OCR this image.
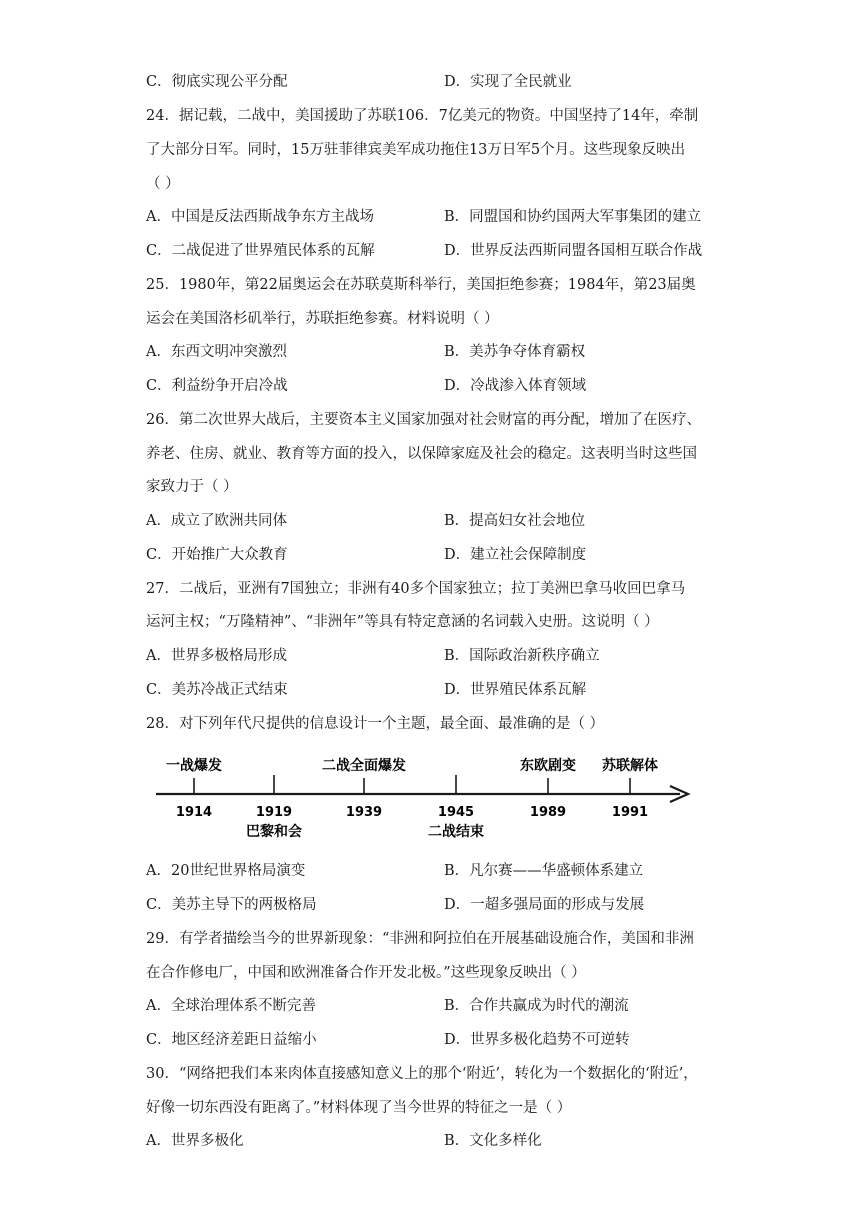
C．彻底实现公平分配	D．实现了全民就业
24．据记载，二战中，美国援助了苏联106．7亿美元的物资。中国坚持了14年，牵制
了大部分日军。同时，15万驻菲律宾美军成功拖住13万日军5个月。这些现象反映出
（ ）
A．中国是反法西斯战争东方主战场	B．同盟国和协约国两大军事集团的建立
C．二战促进了世界殖民体系的瓦解	D．世界反法西斯同盟各国相互联合作战
25．1980年，第22届奥运会在苏联莫斯科举行，美国拒绝参赛；1984年，第23届奥
运会在美国洛杉矶举行，苏联拒绝参赛。材料说明（ ）
A．东西文明冲突激烈	B．美苏争夺体育霸权
C．利益纷争开启冷战	D．冷战渗入体育领域
26．第二次世界大战后，主要资本主义国家加强对社会财富的再分配，增加了在医疗、
养老、住房、就业、教育等方面的投入，以保障家庭及社会的稳定。这表明当时这些国
家致力于（ ）
A．成立了欧洲共同体	B．提高妇女社会地位
C．开始推广大众教育	D．建立社会保障制度
27．二战后，亚洲有7国独立；非洲有40多个国家独立；拉丁美洲巴拿马收回巴拿马
运河主权；“万隆精神”、“非洲年”等具有特定意涵的名词载入史册。这说明（ ）
A．世界多极格局形成	B．国际政治新秩序确立
C．美苏冷战正式结束	D．世界殖民体系瓦解
28．对下列年代尺提供的信息设计一个主题，最全面、最准确的是（ ）
一战爆发	二战全面爆发	东欧剧变 苏联解体
1914	1919	1939	1945	1989	1991
巴黎和会	二战结束
A．20世纪世界格局演变	B．凡尔赛——华盛顿体系建立
C．美苏主导下的两极格局	D．一超多强局面的形成与发展
29．有学者描绘当今的世界新现象：“非洲和阿拉伯在开展基础设施合作，美国和非洲
在合作修电厂，中国和欧洲准备合作开发北极。”这些现象反映出（ ）
A．全球治理体系不断完善	B．合作共赢成为时代的潮流
C．地区经济差距日益缩小	D．世界多极化趋势不可逆转
30．“网络把我们本来肉体直接感知意义上的那个‘附近’，转化为一个数据化的‘附近’，
好像一切东西没有距离了。”材料体现了当今世界的特征之一是（ ）
A．世界多极化	B．文化多样化
